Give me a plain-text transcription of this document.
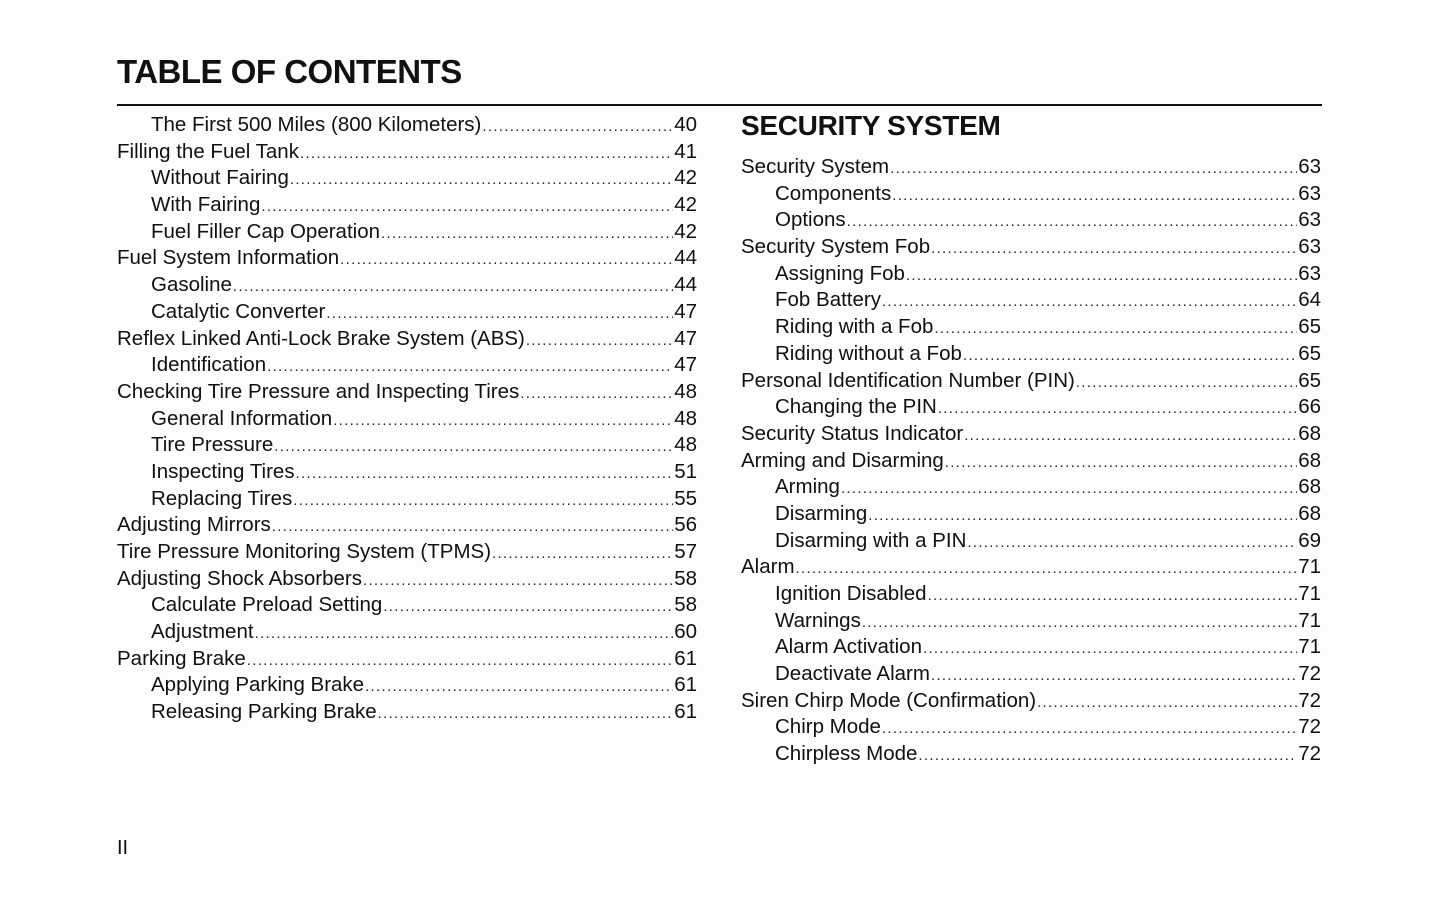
TABLE OF CONTENTS
The First 500 Miles (800 Kilometers) .....	40
Filling the Fuel Tank .....	41
Without Fairing .....	42
With Fairing .....	42
Fuel Filler Cap Operation .....	42
Fuel System Information .....	44
Gasoline .....	44
Catalytic Converter .....	47
Reflex Linked Anti-Lock Brake System (ABS) .....	47
Identification .....	47
Checking Tire Pressure and Inspecting Tires .....	48
General Information .....	48
Tire Pressure .....	48
Inspecting Tires .....	51
Replacing Tires .....	55
Adjusting Mirrors .....	56
Tire Pressure Monitoring System (TPMS) .....	57
Adjusting Shock Absorbers .....	58
Calculate Preload Setting .....	58
Adjustment .....	60
Parking Brake .....	61
Applying Parking Brake .....	61
Releasing Parking Brake .....	61
SECURITY SYSTEM
Security System .....	63
Components .....	63
Options .....	63
Security System Fob .....	63
Assigning Fob .....	63
Fob Battery .....	64
Riding with a Fob .....	65
Riding without a Fob .....	65
Personal Identification Number (PIN) .....	65
Changing the PIN .....	66
Security Status Indicator .....	68
Arming and Disarming .....	68
Arming .....	68
Disarming .....	68
Disarming with a PIN .....	69
Alarm .....	71
Ignition Disabled .....	71
Warnings .....	71
Alarm Activation .....	71
Deactivate Alarm .....	72
Siren Chirp Mode (Confirmation) .....	72
Chirp Mode .....	72
Chirpless Mode .....	72
II
